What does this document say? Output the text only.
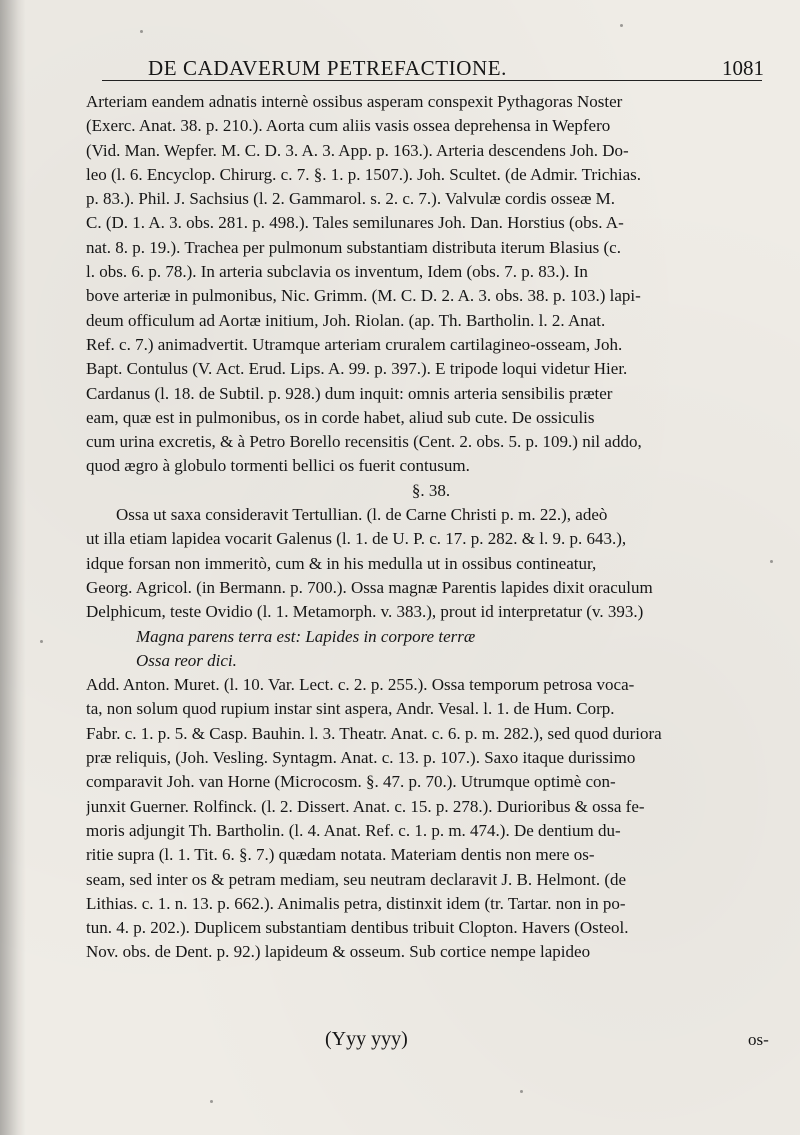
DE CADAVERUM PETREFACTIONE.	1081
Arteriam eandem adnatis internè ossibus asperam conspexit Pythagoras Noster
(Exerc. Anat. 38. p. 210.). Aorta cum aliis vasis ossea deprehensa in Wepfero
(Vid. Man. Wepfer. M. C. D. 3. A. 3. App. p. 163.). Arteria descendens Joh. Do-
leo (l. 6. Encyclop. Chirurg. c. 7. §. 1. p. 1507.). Joh. Scultet. (de Admir. Trichias.
p. 83.). Phil. J. Sachsius (l. 2. Gammarol. s. 2. c. 7.). Valvulæ cordis osseæ M.
C. (D. 1. A. 3. obs. 281. p. 498.). Tales semilunares Joh. Dan. Horstius (obs. A-
nat. 8. p. 19.). Trachea per pulmonum substantiam distributa iterum Blasius (c.
l. obs. 6. p. 78.). In arteria subclavia os inventum, Idem (obs. 7. p. 83.). In
bove arteriæ in pulmonibus, Nic. Grimm. (M. C. D. 2. A. 3. obs. 38. p. 103.) lapi-
deum officulum ad Aortæ initium, Joh. Riolan. (ap. Th. Bartholin. l. 2. Anat.
Ref. c. 7.) animadvertit. Utramque arteriam cruralem cartilagineo-osseam, Joh.
Bapt. Contulus (V. Act. Erud. Lips. A. 99. p. 397.). E tripode loqui videtur Hier.
Cardanus (l. 18. de Subtil. p. 928.) dum inquit: omnis arteria sensibilis præter
eam, quæ est in pulmonibus, os in corde habet, aliud sub cute. De ossiculis
cum urina excretis, & à Petro Borello recensitis (Cent. 2. obs. 5. p. 109.) nil addo,
quod ægro à globulo tormenti bellici os fuerit contusum.
§. 38.
Ossa ut saxa consideravit Tertullian. (l. de Carne Christi p. m. 22.), adeò
ut illa etiam lapidea vocarit Galenus (l. 1. de U. P. c. 17. p. 282. & l. 9. p. 643.),
idque forsan non immeritò, cum & in his medulla ut in ossibus contineatur,
Georg. Agricol. (in Bermann. p. 700.). Ossa magnæ Parentis lapides dixit oraculum
Delphicum, teste Ovidio (l. 1. Metamorph. v. 383.), prout id interpretatur (v. 393.)
Magna parens terra est: Lapides in corpore terræ
Ossa reor dici.
Add. Anton. Muret. (l. 10. Var. Lect. c. 2. p. 255.). Ossa temporum petrosa voca-
ta, non solum quod rupium instar sint aspera, Andr. Vesal. l. 1. de Hum. Corp.
Fabr. c. 1. p. 5. & Casp. Bauhin. l. 3. Theatr. Anat. c. 6. p. m. 282.), sed quod duriora
præ reliquis, (Joh. Vesling. Syntagm. Anat. c. 13. p. 107.). Saxo itaque durissimo
comparavit Joh. van Horne (Microcosm. §. 47. p. 70.). Utrumque optimè con-
junxit Guerner. Rolfinck. (l. 2. Dissert. Anat. c. 15. p. 278.). Durioribus & ossa fe-
moris adjungit Th. Bartholin. (l. 4. Anat. Ref. c. 1. p. m. 474.). De dentium du-
ritie supra (l. 1. Tit. 6. §. 7.) quædam notata. Materiam dentis non mere os-
seam, sed inter os & petram mediam, seu neutram declaravit J. B. Helmont. (de
Lithias. c. 1. n. 13. p. 662.). Animalis petra, distinxit idem (tr. Tartar. non in po-
tun. 4. p. 202.). Duplicem substantiam dentibus tribuit Clopton. Havers (Osteol.
Nov. obs. de Dent. p. 92.) lapideum & osseum. Sub cortice nempe lapideo
(Yyy yyy)	os-
